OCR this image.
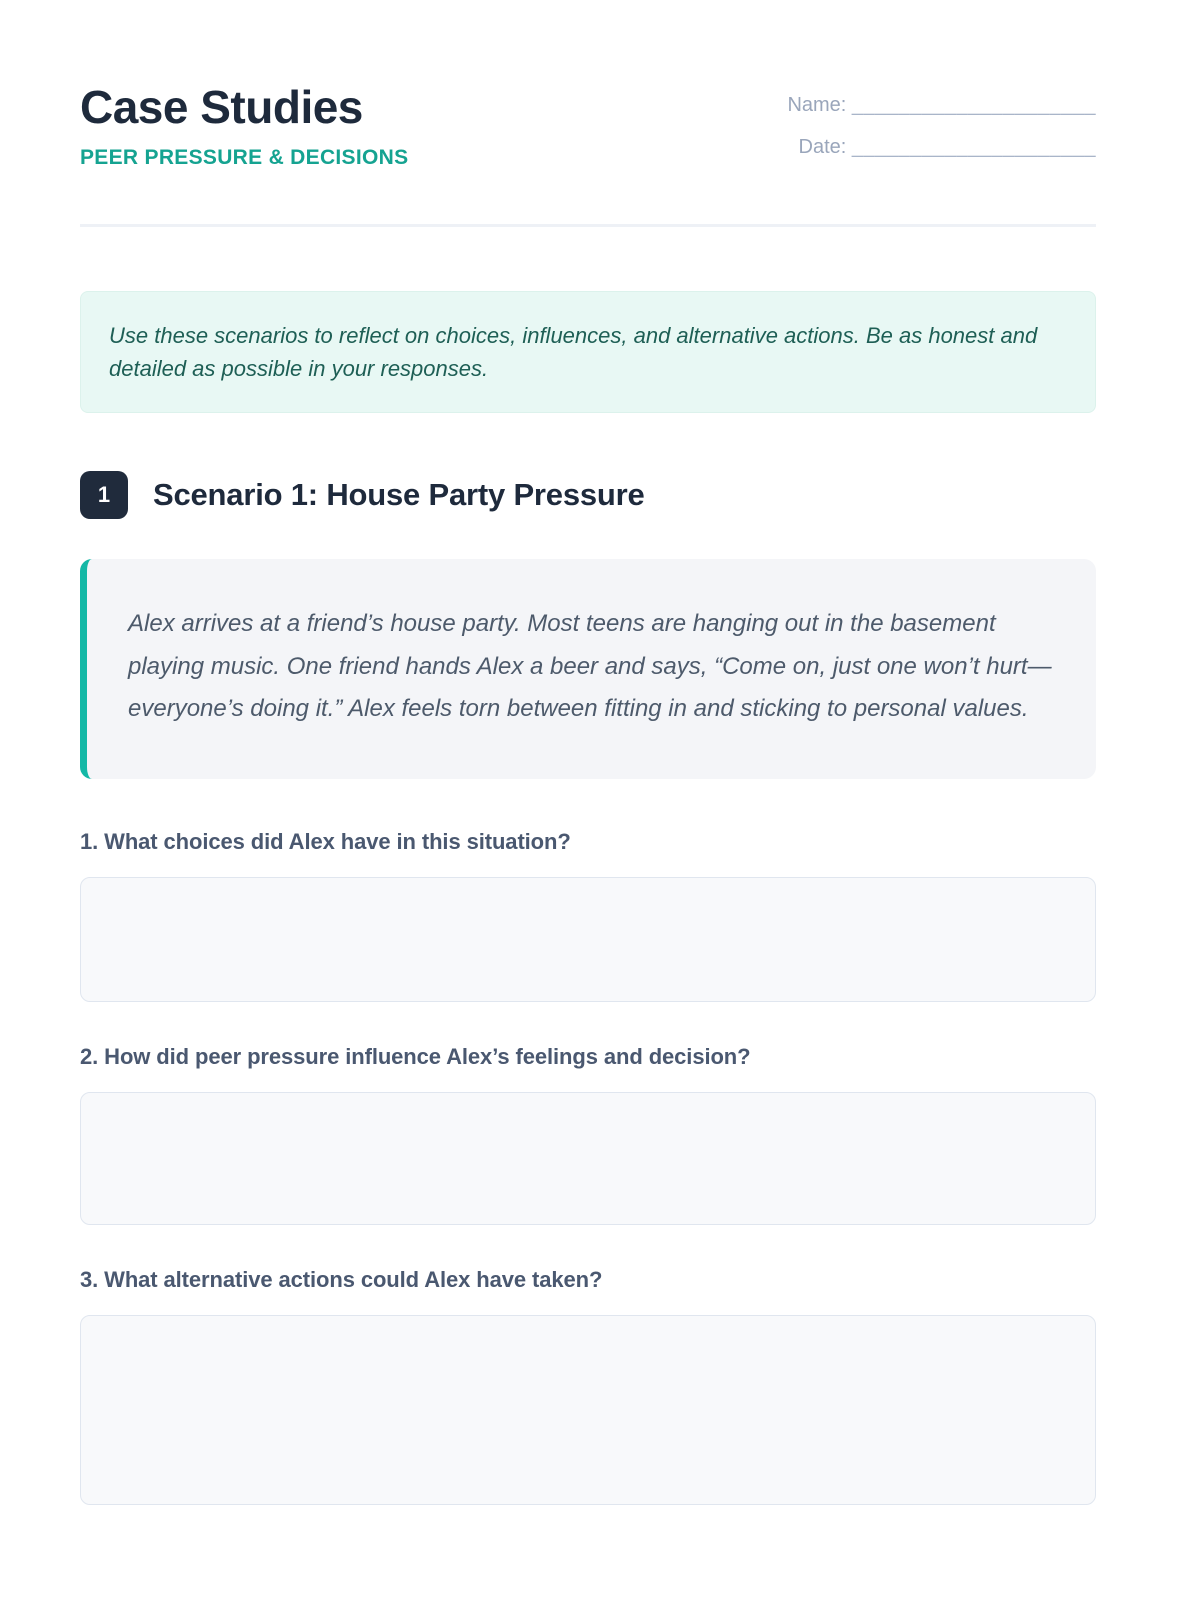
Case Studies
PEER PRESSURE & DECISIONS
Name: _____________________
Date: _____________________
Use these scenarios to reflect on choices, influences, and alternative actions. Be as honest and detailed as possible in your responses.
1	Scenario 1: House Party Pressure
Alex arrives at a friend’s house party. Most teens are hanging out in the basement playing music. One friend hands Alex a beer and says, “Come on, just one won’t hurt—everyone’s doing it.” Alex feels torn between fitting in and sticking to personal values.
1. What choices did Alex have in this situation?
2. How did peer pressure influence Alex’s feelings and decision?
3. What alternative actions could Alex have taken?
